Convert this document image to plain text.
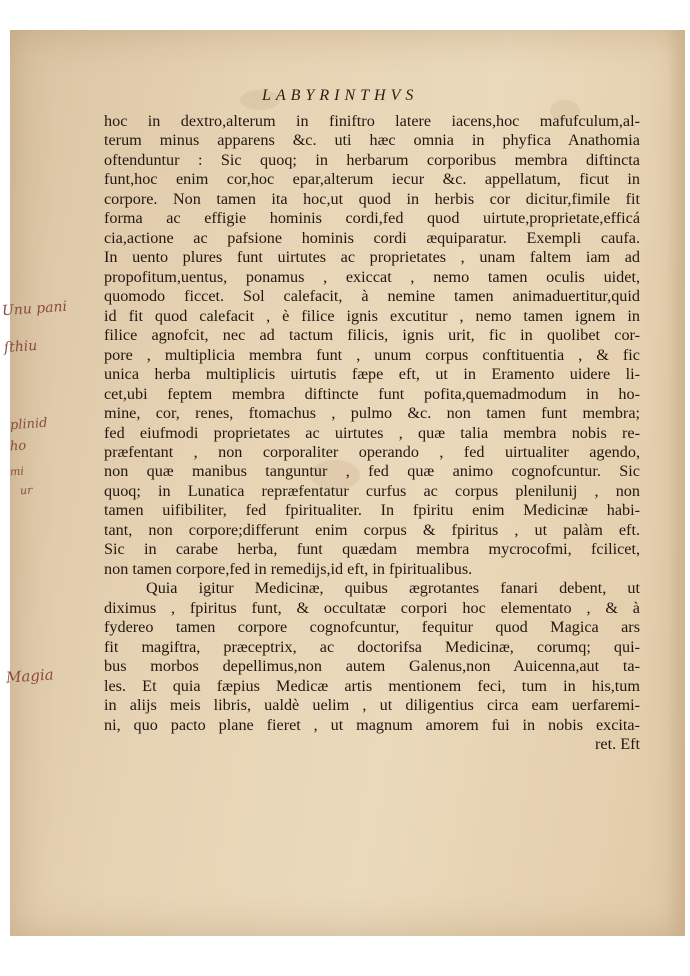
LABYRINTHVS
hoc in dextro,alterum in finiftro latere iacens,hoc mafufculum,al-
terum minus apparens &c. uti hæc omnia in phyfica Anathomia
oftenduntur : Sic quoq; in herbarum corporibus membra diftincta
funt,hoc enim cor,hoc epar,alterum iecur &c. appellatum, ficut in
corpore. Non tamen ita hoc,ut quod in herbis cor dicitur,fimile fit
forma ac effigie hominis cordi,fed quod uirtute,proprietate,efficá
cia,actione ac pafsione hominis cordi æquiparatur. Exempli caufa.
In uento plures funt uirtutes ac proprietates , unam faltem iam ad
propofitum,uentus, ponamus , exiccat , nemo tamen oculis uidet,
quomodo ficcet. Sol calefacit, à nemine tamen animaduertitur,quid
id fit quod calefacit , è filice ignis excutitur , nemo tamen ignem in
filice agnofcit, nec ad tactum filicis, ignis urit, fic in quolibet cor-
pore , multiplicia membra funt , unum corpus conftituentia , & fic
unica herba multiplicis uirtutis fæpe eft, ut in Eramento uidere li-
cet,ubi feptem membra diftincte funt pofita,quemadmodum in ho-
mine, cor, renes, ftomachus , pulmo &c. non tamen funt membra;
fed eiufmodi proprietates ac uirtutes , quæ talia membra nobis re-
præfentant , non corporaliter operando , fed uirtualiter agendo,
non quæ manibus tanguntur , fed quæ animo cognofcuntur. Sic
quoq; in Lunatica repræfentatur curfus ac corpus plenilunij , non
tamen uifibiliter, fed fpiritualiter. In fpiritu enim Medicinæ habi-
tant, non corpore;differunt enim corpus & fpiritus , ut palàm eft.
Sic in carabe herba, funt quædam membra mycrocofmi, fcilicet,
non tamen corpore,fed in remedijs,id eft, in fpiritualibus.
Quia igitur Medicinæ, quibus ægrotantes fanari debent, ut
diximus , fpiritus funt, & occultatæ corpori hoc elementato , & à
fydereo tamen corpore cognofcuntur, fequitur quod Magica ars
fit magiftra, præceptrix, ac doctorifsa Medicinæ, corumq; qui-
bus morbos depellimus,non autem Galenus,non Auicenna,aut ta-
les. Et quia fæpius Medicæ artis mentionem feci, tum in his,tum
in alijs meis libris, ualdè uelim , ut diligentius circa eam uerfaremi-
ni, quo pacto plane fieret , ut magnum amorem fui in nobis excita-
ret. Eft
Unu pani
ſthiu
plinid
ho
mi
ur
Magia
